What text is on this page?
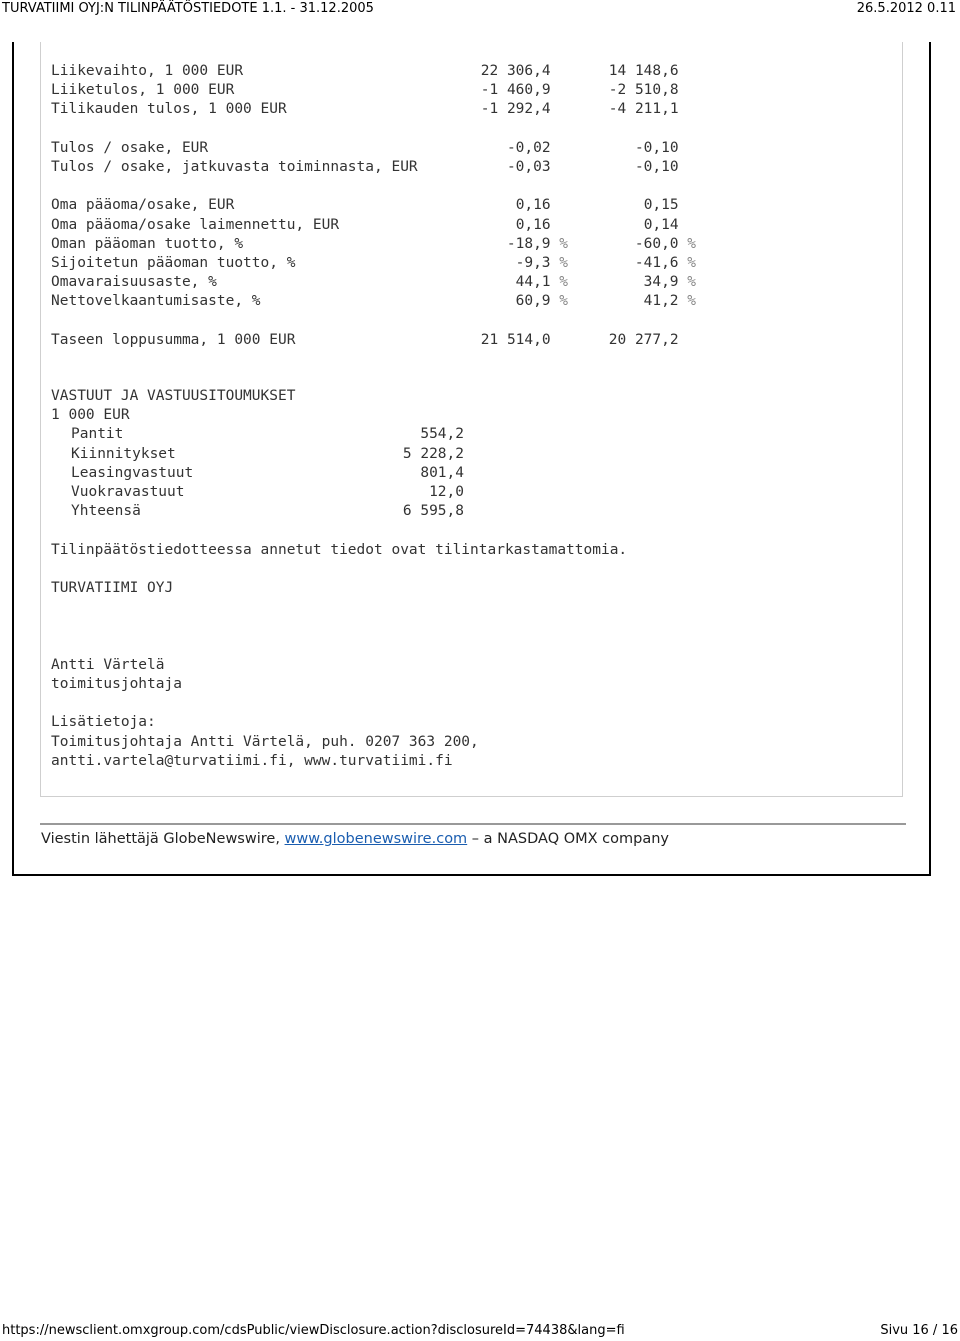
TURVATIIMI OYJ:N TILINPÄÄTÖSTIEDOTE 1.1. - 31.12.2005	26.5.2012 0.11

Liikevaihto, 1 000 EUR	22 306,4	14 148,6
Liiketulos, 1 000 EUR	-1 460,9	-2 510,8
Tilikauden tulos, 1 000 EUR	-1 292,4	-4 211,1
Tulos / osake, EUR	-0,02	-0,10
Tulos / osake, jatkuvasta toiminnasta, EUR	-0,03	-0,10
Oma pääoma/osake, EUR	0,16	0,15
Oma pääoma/osake laimennettu, EUR	0,16	0,14
Oman pääoman tuotto, %	-18,9 %	-60,0 %
Sijoitetun pääoman tuotto, %	-9,3 %	-41,6 %
Omavaraisuusaste, %	44,1 %	34,9 %
Nettovelkaantumisaste, %	60,9 %	41,2 %
Taseen loppusumma, 1 000 EUR	21 514,0	20 277,2

VASTUUT JA VASTUUSITOUMUKSET

1 000 EUR

Pantit	554,2
Kiinnitykset	5 228,2
Leasingvastuut	801,4
Vuokravastuut	12,0
Yhteensä	6 595,8

Tilinpäätöstiedotteessa annetut tiedot ovat tilintarkastamattomia.
TURVATIIMI OYJ
Antti Värtelä
toimitusjohtaja
Lisätietoja:
Toimitusjohtaja Antti Värtelä, puh. 0207 363 200,
antti.vartela@turvatiimi.fi, www.turvatiimi.fi
Viestin lähettäjä GlobeNewswire, www.globenewswire.com – a NASDAQ OMX company
https://newsclient.omxgroup.com/cdsPublic/viewDisclosure.action?disclosureId=74438&lang=fi	Sivu 16 / 16
